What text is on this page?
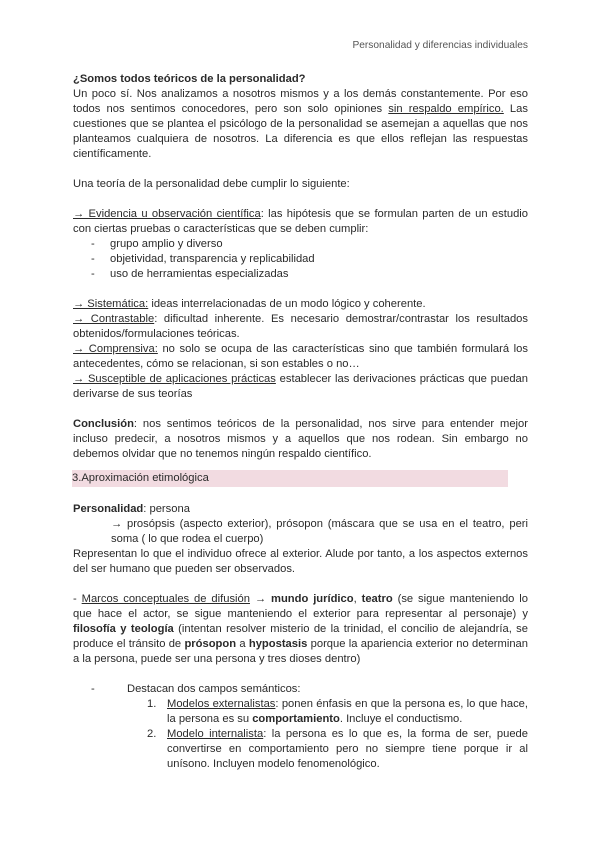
Personalidad y diferencias individuales

¿Somos todos teóricos de la personalidad?

Un poco sí. Nos analizamos a nosotros mismos y a los demás constantemente. Por eso todos nos sentimos conocedores, pero son solo opiniones sin respaldo empírico. Las cuestiones que se plantea el psicólogo de la personalidad se asemejan a aquellas que nos planteamos cualquiera de nosotros. La diferencia es que ellos reflejan las respuestas científicamente.

Una teoría de la personalidad debe cumplir lo siguiente:

→ Evidencia u observación científica: las hipótesis que se formulan parten de un estudio con ciertas pruebas o características que se deben cumplir:

- grupo amplio y diverso
- objetividad, transparencia y replicabilidad
- uso de herramientas especializadas

→ Sistemática: ideas interrelacionadas de un modo lógico y coherente.

→ Contrastable: dificultad inherente. Es necesario demostrar/contrastar los resultados obtenidos/formulaciones teóricas.

→ Comprensiva: no solo se ocupa de las características sino que también formulará los antecedentes, cómo se relacionan, si son estables o no…

→ Susceptible de aplicaciones prácticas establecer las derivaciones prácticas que puedan derivarse de sus teorías

Conclusión: nos sentimos teóricos de la personalidad, nos sirve para entender mejor incluso predecir, a nosotros mismos y a aquellos que nos rodean. Sin embargo no debemos olvidar que no tenemos ningún respaldo científico.

3.Aproximación etimológica

Personalidad: persona

→ prosópsis (aspecto exterior), prósopon (máscara que se usa en el teatro, peri soma ( lo que rodea el cuerpo)

Representan lo que el individuo ofrece al exterior. Alude por tanto, a los aspectos externos del ser humano que pueden ser observados.

- Marcos conceptuales de difusión → mundo jurídico, teatro (se sigue manteniendo lo que hace el actor, se sigue manteniendo el exterior para representar al personaje) y filosofía y teología (intentan resolver misterio de la trinidad, el concilio de alejandría, se produce el tránsito de prósopon a hypostasis porque la apariencia exterior no determinan a la persona, puede ser una persona y tres dioses dentro)

- Destacan dos campos semánticos:

1. Modelos externalistas: ponen énfasis en que la persona es, lo que hace, la persona es su comportamiento. Incluye el conductismo.
2. Modelo internalista: la persona es lo que es, la forma de ser, puede convertirse en comportamiento pero no siempre tiene porque ir al unísono. Incluyen modelo fenomenológico.
